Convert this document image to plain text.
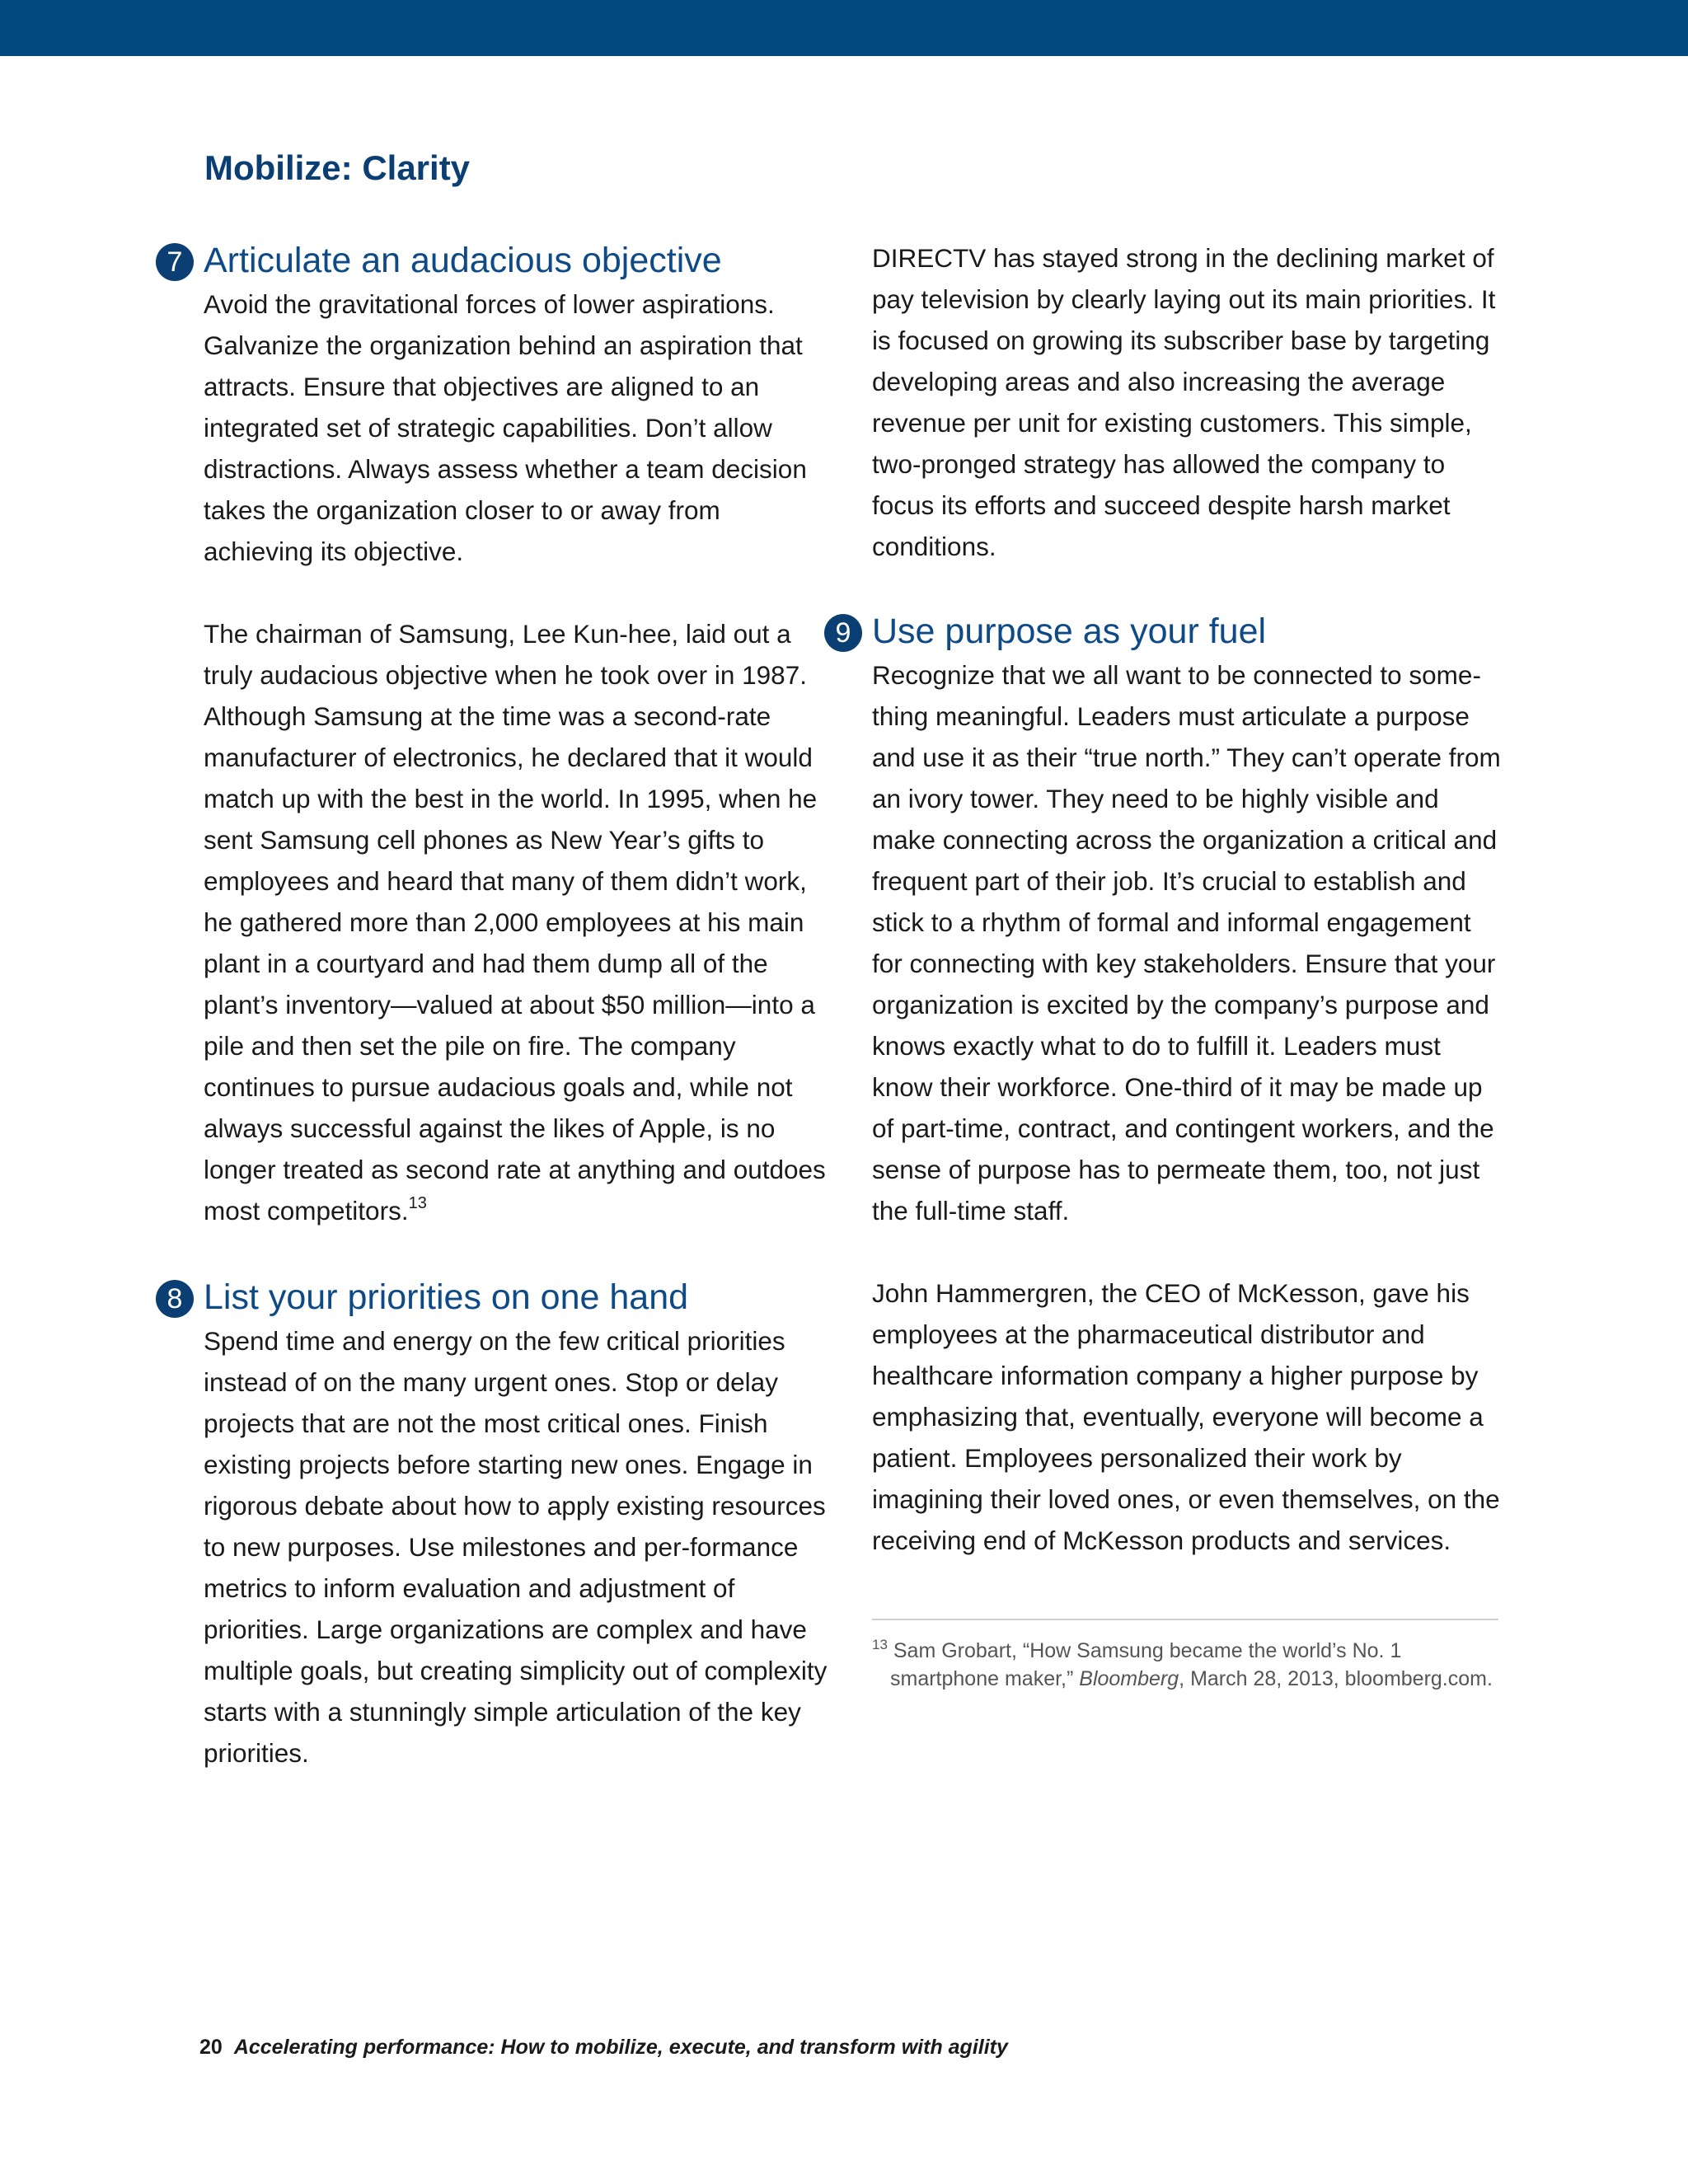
Mobilize: Clarity
7 Articulate an audacious objective

Avoid the gravitational forces of lower aspirations. Galvanize the organization behind an aspiration that attracts. Ensure that objectives are aligned to an integrated set of strategic capabilities. Don’t allow distractions. Always assess whether a team decision takes the organization closer to or away from achieving its objective.

The chairman of Samsung, Lee Kun-hee, laid out a truly audacious objective when he took over in 1987. Although Samsung at the time was a second-rate manufacturer of electronics, he declared that it would match up with the best in the world. In 1995, when he sent Samsung cell phones as New Year’s gifts to employees and heard that many of them didn’t work, he gathered more than 2,000 employees at his main plant in a courtyard and had them dump all of the plant’s inventory—valued at about $50 million—into a pile and then set the pile on fire. The company continues to pursue audacious goals and, while not always successful against the likes of Apple, is no longer treated as second rate at anything and outdoes most competitors.$^{13}$

8 List your priorities on one hand

Spend time and energy on the few critical priorities instead of on the many urgent ones. Stop or delay projects that are not the most critical ones. Finish existing projects before starting new ones. Engage in rigorous debate about how to apply existing resources to new purposes. Use milestones and per-formance metrics to inform evaluation and adjustment of priorities. Large organizations are complex and have multiple goals, but creating simplicity out of complexity starts with a stunningly simple articulation of the key priorities.

DIRECTV has stayed strong in the declining market of pay television by clearly laying out its main priorities. It is focused on growing its subscriber base by targeting developing areas and also increasing the average revenue per unit for existing customers. This simple, two-pronged strategy has allowed the company to focus its efforts and succeed despite harsh market conditions.

9 Use purpose as your fuel

Recognize that we all want to be connected to some-thing meaningful. Leaders must articulate a purpose and use it as their “true north.” They can’t operate from an ivory tower. They need to be highly visible and make connecting across the organization a critical and frequent part of their job. It’s crucial to establish and stick to a rhythm of formal and informal engagement for connecting with key stakeholders. Ensure that your organization is excited by the company’s purpose and knows exactly what to do to fulfill it. Leaders must know their workforce. One-third of it may be made up of part-time, contract, and contingent workers, and the sense of purpose has to permeate them, too, not just the full-time staff.

John Hammergren, the CEO of McKesson, gave his employees at the pharmaceutical distributor and healthcare information company a higher purpose by emphasizing that, eventually, everyone will become a patient. Employees personalized their work by imagining their loved ones, or even themselves, on the receiving end of McKesson products and services.

$^{13}$ Sam Grobart, “How Samsung became the world’s No. 1 smartphone maker,” Bloomberg, March 28, 2013, bloomberg.com.

20 Accelerating performance: How to mobilize, execute, and transform with agility
